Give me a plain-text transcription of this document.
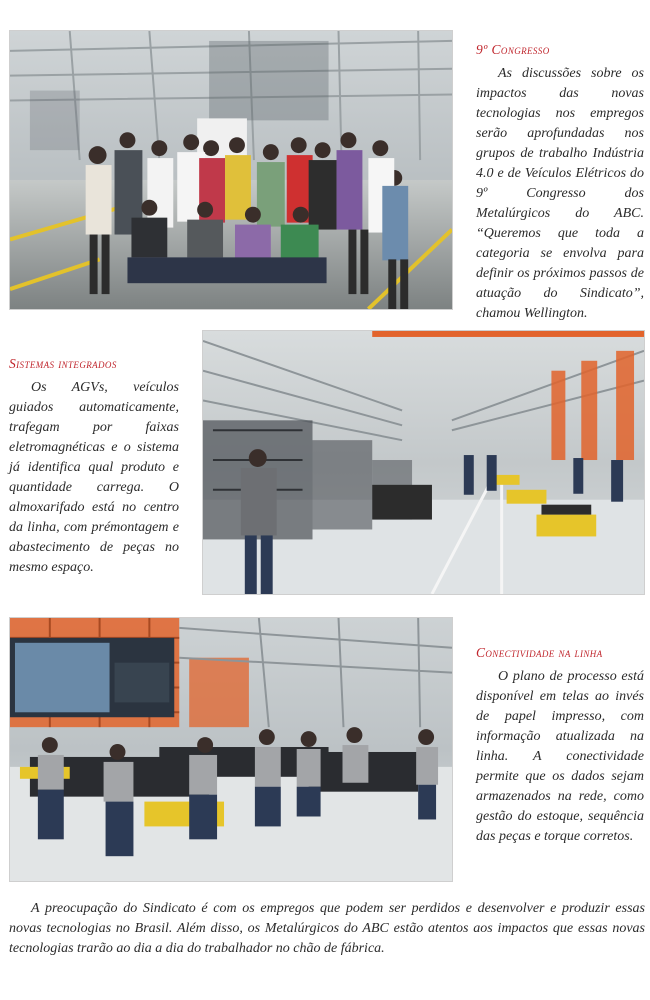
9º Congresso

As discussões sobre os impactos das novas tecnologias nos empregos serão aprofundadas nos grupos de trabalho Indústria 4.0 e de Veículos Elétricos do 9º Congresso dos Metalúrgicos do ABC. “Queremos que toda a categoria se envolva para definir os próximos passos de atuação do Sindicato”, chamou Wellington.

Sistemas integrados

Os AGVs, veículos guiados automaticamente, trafegam por faixas eletromagnéticas e o sistema já identifica qual produto e quantidade carrega. O almoxarifado está no centro da linha, com prémontagem e abastecimento de peças no mesmo espaço.

Conectividade na linha

O plano de processo está disponível em telas ao invés de papel impresso, com informação atualizada na linha. A conectividade permite que os dados sejam armazenados na rede, como gestão do estoque, sequência das peças e torque corretos.

A preocupação do Sindicato é com os empregos que podem ser perdidos e desenvolver e produzir essas novas tecnologias no Brasil. Além disso, os Metalúrgicos do ABC estão atentos aos impactos que essas novas tecnologias trarão ao dia a dia do trabalhador no chão de fábrica.
